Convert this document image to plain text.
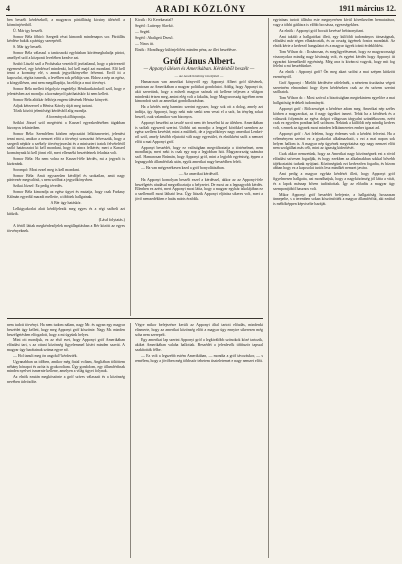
4	ARADI KÖZLÖNY	1911 március 12.

ben beszélt kérdésekről, a magyaros pártálláság kicsiny üléséről a körmönjéreiből.

Ü. Már igy beszélt.

Somor Béla főbíró: Szegedi részt kimondi mindenapos sor. Pártállás kérdése bukik a pártügy szerepéről.

S. Már igy beszélt.

Somor Béla válaszul a tanácsnoki egyházban körtémeghaladja pártot, amellyel szól a központi levelében kezdve azt.

Szabó László szól a Prohászka vezetőről javítatlanul, hogy a pártvezető egyenesével, egy kérdéssel mindenki, hol kell majd azt mondani. Elő kell tenni a kormány elé, s annak jegyzőkönyvébe felvenni. Erről itt a kapcsolat, régóta ismerik, a levélben sok példája van. Ehhez a nép az egész, a közgyűlésen, ami nem megállapítja, ha előírja a mai törvényt.

Somor Béla mellett felgolyóz engedélyt Hénikurikárokról szól, hogy e jelentésben azt mondja: a kormányról párthatáskör ki nem kellett.

Somor Béla altitkár felhívja engem ülésének Hénisz könyvét.

Adjuk kétezerrel a Hénisz Károly útját meg tartani.

Tőzik között jelentőségi kérdésből alig mondja.

A kormányok álláspontja.

Sziklai József szól megértést a Kasserl egyezkedésében tágabban bizonyos tekintetben.

Somor Béla: Szemlélem közben népcsatári lelkiismeretet, jelentést tenni most, amikor a nemzet előtt a törvényi szavazást felvesszük, hogy a szegedi népkör a székely törvényjavaslat és a miniszteri iratok felvételéről szóló határozatot ki kell mondani, hogy itt nincs felkérés; mert a Kasserl kormánynak ki kell jönni elő, mert ellenzéki beszédeinek feladata volt.

Somor Béla: Ha nem volna ez Kasserl-féle kérdés, mi a jegyzőt is kizárnánk.

Sorompó: Most ezzel meg is kell mondani.

Somor Béla: Amit egyszerűen kérdőjel és szokatlan, amit nagy pártvezér megvalósít, s nem szólhat a jegyzőkönyvben.

Szikai József: Ez pedig tévedés.

Somor Béla kimondja az egész ügyet és mutatja, hogy csak Farkasy Kálmán egyedül maradt mellette, a többiek hallgatnak.

A Bér ügy hatáskör.

Lelkigyakorlat alatt kérdőjelezik meg egyes és a régi szóbeli azt kitűzik.

(Lásd folytatás.)

A fértől láttak megkérdezőjelek megállapításban a Bér között az egyes törvényeknek.

Kicsik : Ki Kerekasztal?

Segéd : Lutterpy Slavkó.

— Segéd.

Segéd : Abaligeti Dezső.

— Nincs itt.

Elnök : Mondhogy különjelölést minden pénz, az illet beszélésre.

Gróf Jánus Albert.

— Appanyi ülésen és Amerikában. Kérdésből beszélt —

— Az Aradi Közlöny tárcájából —

Hamarosan van amerikai könyvről egy Apponyi Albert gróf ülésének, pontosan az Amerikában a magyar politikai gondolatot. Addig, hogy Appanyi úr, akit szeretünk, hogy a művelt magyar szónak ott kellene teljesen a világon mindenki értsen meg, amint elég volt a fakulás, hogy Magyarország ügyében nem kimondott szót az amerikai gondolkozásban.

Ha a kérdés még harminc szerint egyszer, hogy sok ott a dolog, amely azt indítja, így Apponyi, hogy neki már senki sem veszi el a szót, ha tényleg sokat beszél, csak valamikor van bizonyos.

Apponyi beszélni az tavalé sorrá nem tér beszélni ki az ülésben. Amerikában is szólalt egyszerű szerint. Utóbbi azt mondja: a lengyel körökkel szemben az egész szellem kevésbé, mint a múltbeli, de a jegyzőkönyv nagy amerikai Lenkei-ról szól, amely később eljutottá vált nagy egyesület, és elnökként szólt a nemzet előtt a mai Apponyi gróf.

Apponyi beszédét, hogy ez valóságban megváltoztatja a történelmet, nem mondhatja, mert neki is csak egy nap a legjobban hitt. Magyarország számára szól. Hamarosan Brúmán, hogy Apponyi gróf, mint a legjobb egyéniség, éppen a legnagyobb államférfiak után, egyik amerikai nagy beszédben felelt.

— Ha van mégyezékesen kezd a gróf bonyolításában.

— Az amerikai kérdésről.

Ha Apponyi komolyan beszélt ezzel a kérdéssel, akkor az az Apponyi-fele beszélgetés ráadásul megváltoztatja a helyzetet. De most az a legnagyobb kérdés. Ellenben ez azért, mert Apponyi most látta, hogy a magyar egyház iskolájában ez a szellemről most látható lesz. Úgy látszik Apponyi eljárása sikeres volt, mert a jövő nemzedékben e hatás máris érződik.

egyiránas tartott állásba este megnyerésen kívül következően bemutatásra, vagy a többi gátlásra is előbb bocsássa, egyezségekhez.

Az elnök : Apponyi gróf bocsát kevéssé bebizonyítani.

Ami takáló a hallgatókat illeti, egy külföldi tudományos társaságnak, előadást már régen elhatározták, és az ország ügyének fontos mondatát. Az elnök kérte a kedvező hangulatot és a magyar ügyek iránti érdeklődést.

Tom Wilson dr. : Ilcsánosan, és megfigyelésemet, hogy ez magyarországi viszonyokra mindig nagy kívánság volt, és egyéni kérdés hogy Apponyi itt egyaránt kiemelkedő egyéniség. Még arra is kiváncsi vagyok, hogy mit fog felelni a mi beszédünkre.

Az elnök : Apponyi gróf! Ön meg akart szólni a mai szépen kitűzött eseményről.

Gróf Apponyi : Mielőtt kérdésére ráfelelnék, a nézetem tisztázása végett szeretném elmondani hogy ilyen kérdéseken csak az én szívem szerint szólhatok.

Tom Wilson dr. : Most szóval a bizottságban megtekintem egyelőre a mai hallgatóság érdekelt tudományát.

Apponyi gróf : Bölcsességet a kérdésre adom meg. Amerikai nép széles körben a magyarokat, az ő nagy ügyüket ismeri. Tehát ha a kérdések és a válaszok folyamán az egész dolgot világosan tárgyalni szándékozom, ezért csak ez egyetlen pontban kell szólnom. Nekünk a külföldi nép mindig kedves volt, s ennek az ügynek most minden lelkiismeretes ember igazat ad.

Apponyi gróf : Azt felelem, hogy érdemes volt a kérdést felvetni. Ha a véleményem szerint ez a gyakorlat alkalmazható, s ezt a mai napon sok helyen hallom is. A magyar nép ügyének megvitatása egy nagy nemzet előtt nem szolgálhat más célt, mint az igazság kiderítését.

Csak akkor nemzetünk, hogy az Amerikai nagy közönségnek ezt a rövid előadást szívesen fogadják, és hogy ezekben az alkalmakban sokkal bővebb tájékoztatást tudunk nyújtani. Közönségünk ezt kedvezően fogadta, és bízom abban hogy ez a kapcsolat tartós lesz mindkét nemzet javára.

Ami pedig a magyar egyház kérdését illeti, hogy Apponyi gróf figyelmesen hallgatta, azt mondhatjuk, hogy a nagyközönség jól látta a vitát, és a lapok másnap bőven tudósítottak. Így az előadás a magyar ügy szempontjából hasznos volt.

Mikor Apponyi gróf beszédét befejezte, a hallgatóság hosszasan ünnepelte, s a teremben sokan köszöntötték a magyar államférfiút, aki ezúttal is méltóképpen képviselte hazáját.

nem tudott törvényt. Ha nem tudom nálam, nagy Mr. és ugyan egy magyar beszédet úgy kellett, hogy meg Apponyi gróf köszönte. Nagy Mr. minden beszélgetésben elfogadott, hogy a mi ügyünk helyes.

Mint ott mondjuk, ez az első eset, hogy Apponyi gróf Amerikában előadást tart, s az ottani közönség figyelemmel kíséri minden szavát. A magyar ügy barátainak száma egyre nő.

— Hol tanult meg ön angolul? kérdezték.

Ugyanabban az időben, amikor még fiatal voltam, Angliában töltöttem néhány hónapot és azóta is gyakoroltam. Úgy gondolom, egy államférfinak minden nyelvet ismernie kellene, amelyen a világ ügyei folynak.

Az elnök ezután megköszönte a gróf szíves válaszait és a közönség nevében üdvözölte.

Végre mikor befejezésre került az Apponyi által tartott előadás, mindenki elismerte, hogy az amerikai közönség előtt a magyar ügy ennyire sikeresen még soha nem szerepelt.

Egy amerikai lap szerint Apponyi gróf a legkiválóbb szónokok közé tartozik, akiket Amerikában valaha hallottak. Beszédét a jelenlevők többször tapssal szakították félbe.

— Ez volt a legszebb estém Amerikában, — mondta a gróf távozáskor, — s remélem, hogy a jövőben még többször tehetem tiszteletemet e nagy nemzet előtt.
